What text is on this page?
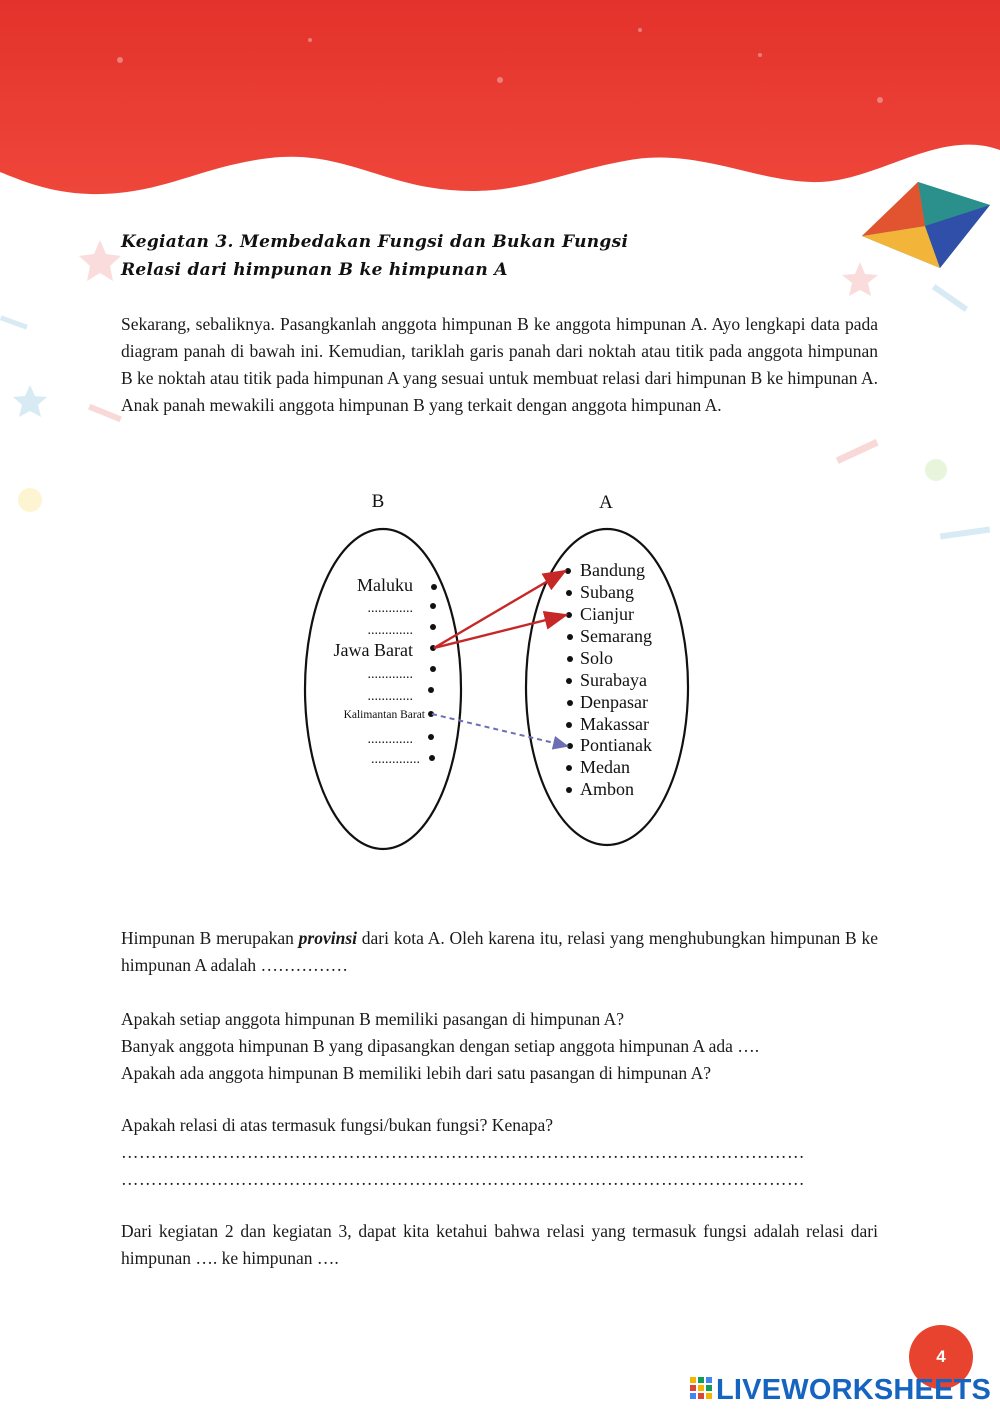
Kegiatan 3. Membedakan Fungsi dan Bukan Fungsi
Relasi dari himpunan B ke himpunan A

Sekarang, sebaliknya. Pasangkanlah anggota himpunan B ke anggota himpunan A. Ayo lengkapi data pada diagram panah di bawah ini. Kemudian, tariklah garis panah dari noktah atau titik pada anggota himpunan B ke noktah atau titik pada himpunan A yang sesuai untuk membuat relasi dari himpunan B ke himpunan A. Anak panah mewakili anggota himpunan B yang terkait dengan anggota himpunan A.

B	A
Maluku
.............
.............
Jawa Barat
.............
.............
Kalimantan Barat
.............
..............
Bandung
Subang
Cianjur
Semarang
Solo
Surabaya
Denpasar
Makassar
Pontianak
Medan
Ambon

Himpunan B merupakan provinsi dari kota A. Oleh karena itu, relasi yang menghubungkan himpunan B ke himpunan A adalah ……………

Apakah setiap anggota himpunan B memiliki pasangan di himpunan A?

Banyak anggota himpunan B yang dipasangkan dengan setiap anggota himpunan A ada ….

Apakah ada anggota himpunan B memiliki lebih dari satu pasangan di himpunan A?

Apakah relasi di atas termasuk fungsi/bukan fungsi? Kenapa?

……………………………………………………………………………………………………

……………………………………………………………………………………………………

Dari kegiatan 2 dan kegiatan 3, dapat kita ketahui bahwa relasi yang termasuk fungsi adalah relasi dari himpunan …. ke himpunan ….

4
LIVEWORKSHEETS
